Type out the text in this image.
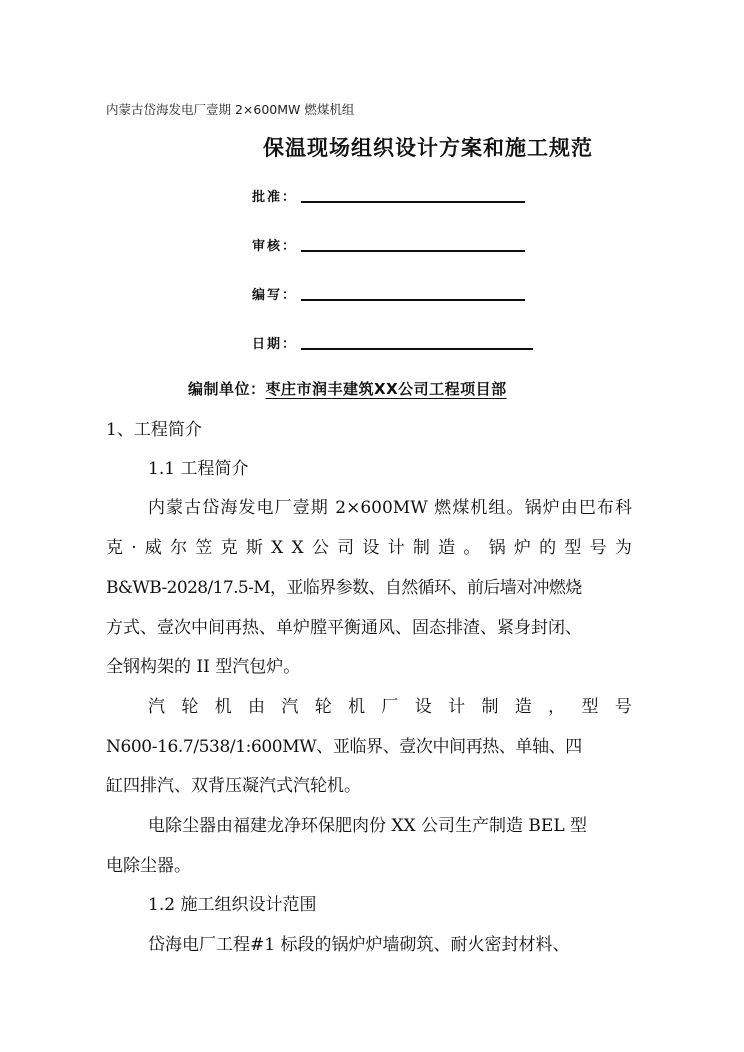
内蒙古岱海发电厂壹期 2×600MW 燃煤机组
保温现场组织设计方案和施工规范
批准：
审核：
编写：
日期：
编制单位：枣庄市润丰建筑XX公司工程项目部
1、工程简介
1.1 工程简介
内蒙古岱海发电厂壹期 2×600MW 燃煤机组。锅炉由巴布科
克 · 威 尔 笠 克 斯 X X 公 司 设 计 制 造 。 锅 炉 的 型 号 为
B&WB-2028/17.5-M，亚临界参数、自然循环、前后墙对冲燃烧
方式、壹次中间再热、单炉膛平衡通风、固态排渣、紧身封闭、
全钢构架的 II 型汽包炉。
汽 轮 机 由 汽 轮 机 厂 设 计 制 造 ， 型 号
N600-16.7/538/1:600MW、亚临界、壹次中间再热、单轴、四
缸四排汽、双背压凝汽式汽轮机。
电除尘器由福建龙净环保肥肉份 XX 公司生产制造 BEL 型
电除尘器。
1.2 施工组织设计范围
岱海电厂工程#1 标段的锅炉炉墙砌筑、耐火密封材料、
